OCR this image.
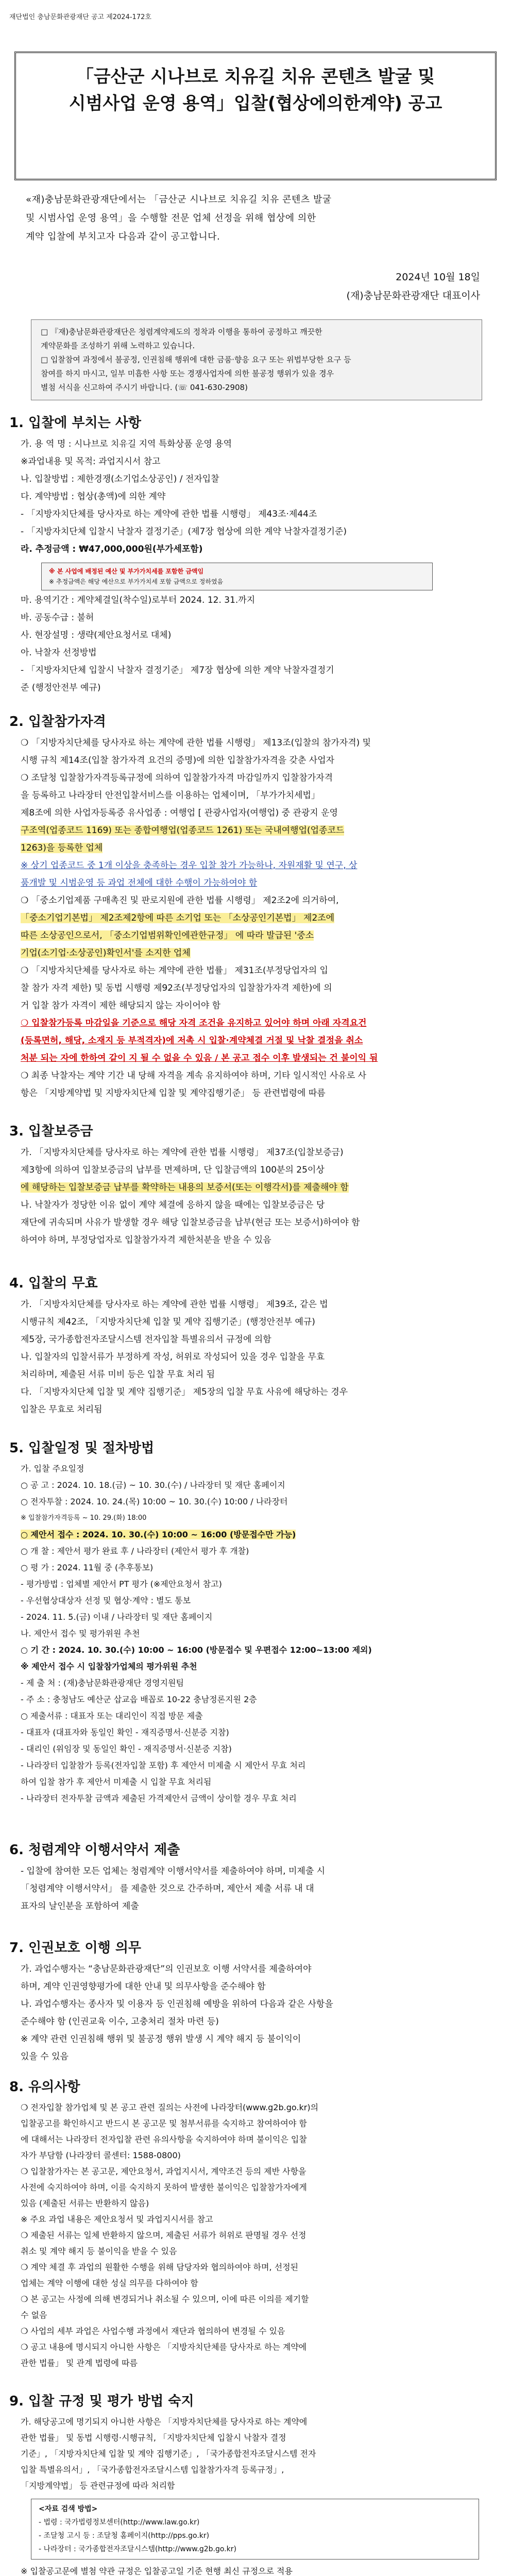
재단법인 충남문화관광재단 공고 제2024-172호
「금산군 시나브로 치유길 치유 콘텐츠 발굴 및
시범사업 운영 용역」입찰(협상에의한계약) 공고
«재)충남문화관광재단에서는 「금산군 시나브로 치유길 치유 콘텐츠 발굴
및 시범사업 운영 용역」을 수행할 전문 업체 선정을 위해 협상에 의한
계약 입찰에 부치고자 다음과 같이 공고합니다.
2024년 10월 18일
(재)충남문화관광재단 대표이사
□ 『재)충남문화관광재단은 청렴계약제도의 정착과 이행을 통하여 공정하고 깨끗한
계약문화를 조성하기 위해 노력하고 있습니다.
□ 입찰참여 과정에서 불공정, 인권침해 행위에 대한 금품·향응 요구 또는 위법부당한 요구 등
참여를 하지 마시고, 일부 미흡한 사항 또는 경쟁사업자에 의한 불공정 행위가 있을 경우
별첨 서식을 신고하여 주시기 바랍니다. (☏ 041-630-2908)
1. 입찰에 부치는 사항
가. 용 역 명 : 시나브로 치유길 지역 특화상품 운영 용역
※과업내용 및 목적: 과업지시서 참고
나. 입찰방법 : 제한경쟁(소기업소상공인) / 전자입찰
다. 계약방법 : 협상(총액)에 의한 계약
- 「지방자치단체를 당사자로 하는 계약에 관한 법률 시행령」 제43조·제44조
- 「지방자치단체 입찰시 낙찰자 결정기준」(제7장 협상에 의한 계약 낙찰자결정기준)
라. 추정금액 : ₩47,000,000원(부가세포함)
※ 본 사업에 배정된 예산 및 부가가치세를 포함한 금액임
※ 추정금액은 해당 예산으로 부가가치세 포함 금액으로 정하였음
마. 용역기간 : 계약체결일(착수일)로부터 2024. 12. 31.까지
바. 공동수급 : 불허
사. 현장설명 : 생략(제안요청서로 대체)
아. 낙찰자 선정방법
- 「지방자치단체 입찰시 낙찰자 결정기준」 제7장 협상에 의한 계약 낙찰자결정기
준 (행정안전부 예규)
2. 입찰참가자격
❍ 「지방자치단체를 당사자로 하는 계약에 관한 법률 시행령」 제13조(입찰의 참가자격) 및
시행 규칙 제14조(입찰 참가자격 요건의 증명)에 의한 입찰참가자격을 갖춘 사업자
❍ 조달청 입찰참가자격등록규정에 의하여 입찰참가자격 마감일까지 입찰참가자격
을 등록하고 나라장터 안전입찰서비스를 이용하는 업체이며, 「부가가치세법」
제8조에 의한 사업자등록증 유사업종 : 여행업 [ 관광사업자(여행업) 중 관광지 운영
구조역(업종코드 1169) 또는 종합여행업(업종코드 1261) 또는 국내여행업(업종코드
1263)을 등록한 업체
※ 상기 업종코드 중 1개 이상을 충족하는 경우 입찰 참가 가능하나, 자원재활 및 연구, 상
품개발 및 시범운영 등 과업 전체에 대한 수행이 가능하여야 함
❍ 「중소기업제품 구매촉진 및 판로지원에 관한 법률 시행령」 제2조2에 의거하여,
「중소기업기본법」 제2조제2항에 따른 소기업 또는 「소상공인기본법」 제2조에
따른 소상공인으로서, 「중소기업범위확인에관한규정」 에 따라 발급된 '중소
기업(소기업·소상공인)확인서'를 소지한 업체
❍ 「지방자치단체를 당사자로 하는 계약에 관한 법률」 제31조(부정당업자의 입
찰 참가 자격 제한) 및 동법 시행령 제92조(부정당업자의 입찰참가자격 제한)에 의
거 입찰 참가 자격이 제한 해당되지 않는 자이어야 함
❍ 입찰참가등록 마감일을 기준으로 해당 자격 조건을 유지하고 있어야 하며 아래 자격요건
(등록면허, 해당, 소재지 등 부적격자)에 저촉 시 입찰·계약체결 거절 및 낙찰 결정을 취소
처분 되는 자에 한하여 같이 지 될 수 없을 수 있음 / 본 공고 접수 이후 발생되는 건 불이익 됨
❍ 최종 낙찰자는 계약 기간 내 당해 자격을 계속 유지하여야 하며, 기타 일시적인 사유로 사
항은 「지방계약법 및 지방자치단체 입찰 및 계약집행기준」 등 관련법령에 따름
3. 입찰보증금
가. 「지방자치단체를 당사자로 하는 계약에 관한 법률 시행령」 제37조(입찰보증금)
제3항에 의하여 입찰보증금의 납부를 면제하며, 단 입찰금액의 100분의 25이상
에 해당하는 입찰보증금 납부를 확약하는 내용의 보증서(또는 이행각서)를 제출해야 함
나. 낙찰자가 정당한 이유 없이 계약 체결에 응하지 않을 때에는 입찰보증금은 당
재단에 귀속되며 사유가 발생할 경우 해당 입찰보증금을 납부(현금 또는 보증서)하여야 함
하여야 하며, 부정당업자로 입찰참가자격 제한처분을 받을 수 있음
4. 입찰의 무효
가. 「지방자치단체를 당사자로 하는 계약에 관한 법률 시행령」 제39조, 같은 법
시행규칙 제42조, 「지방자치단체 입찰 및 계약 집행기준」(행정안전부 예규)
제5장, 국가종합전자조달시스템 전자입찰 특별유의서 규정에 의함
나. 입찰자의 입찰서류가 부정하게 작성, 허위로 작성되어 있을 경우 입찰을 무효
처리하며, 제출된 서류 미비 등은 입찰 무효 처리 됨
다. 「지방자치단체 입찰 및 계약 집행기준」 제5장의 입찰 무효 사유에 해당하는 경우
입찰은 무효로 처리됨
5. 입찰일정 및 절차방법
가. 입찰 주요일정
○ 공 고 : 2024. 10. 18.(금) ~ 10. 30.(수) / 나라장터 및 재단 홈페이지
○ 전자투찰 : 2024. 10. 24.(목) 10:00 ~ 10. 30.(수) 10:00 / 나라장터
※ 입찰참가자격등록 ~ 10. 29.(화) 18:00
○ 제안서 접수 : 2024. 10. 30.(수) 10:00 ~ 16:00 (방문접수만 가능)
○ 개 찰 : 제안서 평가 완료 후 / 나라장터 (제안서 평가 후 개찰)
○ 평 가 : 2024. 11월 중 (추후통보)
- 평가방법 : 업체별 제안서 PT 평가 (※제안요청서 참고)
- 우선협상대상자 선정 및 협상·계약 : 별도 통보
- 2024. 11. 5.(금) 이내 / 나라장터 및 재단 홈페이지
나. 제안서 접수 및 평가위원 추천
○ 기 간 : 2024. 10. 30.(수) 10:00 ~ 16:00 (방문접수 및 우편접수 12:00~13:00 제외)
※ 제안서 접수 시 입찰참가업체의 평가위원 추천
- 제 출 처 : (재)충남문화관광재단 경영지원팀
- 주 소 : 충청남도 예산군 삽교읍 배꼽로 10-22 충남정론지원 2층
○ 제출서류 : 대표자 또는 대리인이 직접 방문 제출
- 대표자 (대표자와 동일인 확인 - 재직증명서·신분증 지참)
- 대리인 (위임장 및 동일인 확인 - 재직증명서·신분증 지참)
- 나라장터 입찰참가 등록(전자입찰 포함) 후 제안서 미제출 시 제안서 무효 처리
하여 입찰 참가 후 제안서 미제출 시 입찰 무효 처리됨
- 나라장터 전자투찰 금액과 제출된 가격제안서 금액이 상이할 경우 무효 처리
6. 청렴계약 이행서약서 제출
- 입찰에 참여한 모든 업체는 청렴계약 이행서약서를 제출하여야 하며, 미제출 시
「청렴계약 이행서약서」 를 제출한 것으로 간주하며, 제안서 제출 서류 내 대
표자의 날인분을 포함하여 제출
7. 인권보호 이행 의무
가. 과업수행자는 “충남문화관광재단”의 인권보호 이행 서약서를 제출하여야
하며, 계약 인권영향평가에 대한 안내 및 의무사항을 준수해야 함
나. 과업수행자는 종사자 및 이용자 등 인권침해 예방을 위하여 다음과 같은 사항을
준수해야 함 (인권교육 이수, 고충처리 절차 마련 등)
※ 계약 관련 인권침해 행위 및 불공정 행위 발생 시 계약 해지 등 불이익이
있을 수 있음
8. 유의사항
❍ 전자입찰 참가업체 및 본 공고 관련 질의는 사전에 나라장터(www.g2b.go.kr)의
입찰공고를 확인하시고 반드시 본 공고문 및 첨부서류를 숙지하고 참여하여야 함
에 대해서는 나라장터 전자입찰 관련 유의사항을 숙지하여야 하며 불이익은 입찰
자가 부담함 (나라장터 콜센터: 1588-0800)
❍ 입찰참가자는 본 공고문, 제안요청서, 과업지시서, 계약조건 등의 제반 사항을
사전에 숙지하여야 하며, 이를 숙지하지 못하여 발생한 불이익은 입찰참가자에게
있음 (제출된 서류는 반환하지 않음)
※ 주요 과업 내용은 제안요청서 및 과업지시서를 참고
❍ 제출된 서류는 일체 반환하지 않으며, 제출된 서류가 허위로 판명될 경우 선정
취소 및 계약 해지 등 불이익을 받을 수 있음
❍ 계약 체결 후 과업의 원활한 수행을 위해 담당자와 협의하여야 하며, 선정된
업체는 계약 이행에 대한 성실 의무를 다하여야 함
❍ 본 공고는 사정에 의해 변경되거나 취소될 수 있으며, 이에 따른 이의를 제기할
수 없음
❍ 사업의 세부 과업은 사업수행 과정에서 재단과 협의하여 변경될 수 있음
❍ 공고 내용에 명시되지 아니한 사항은 「지방자치단체를 당사자로 하는 계약에
관한 법률」 및 관계 법령에 따름
9. 입찰 규정 및 평가 방법 숙지
가. 해당공고에 명기되지 아니한 사항은 「지방자치단체를 당사자로 하는 계약에
관한 법률」 및 동법 시행령·시행규칙, 「지방자치단체 입찰시 낙찰자 결정
기준」, 「지방자치단체 입찰 및 계약 집행기준」, 「국가종합전자조달시스템 전자
입찰 특별유의서」, 「국가종합전자조달시스템 입찰참가자격 등록규정」,
「지방계약법」 등 관련규정에 따라 처리함
<자료 검색 방법>
- 법령 : 국가법령정보센터(http://www.law.go.kr)
- 조달청 고시 등 : 조달청 홈페이지(http://pps.go.kr)
- 나라장터 : 국가종합전자조달시스템(http://www.g2b.go.kr)
※ 입찰공고문에 별첨 약관 규정은 입찰공고일 기준 현행 최신 규정으로 적용
